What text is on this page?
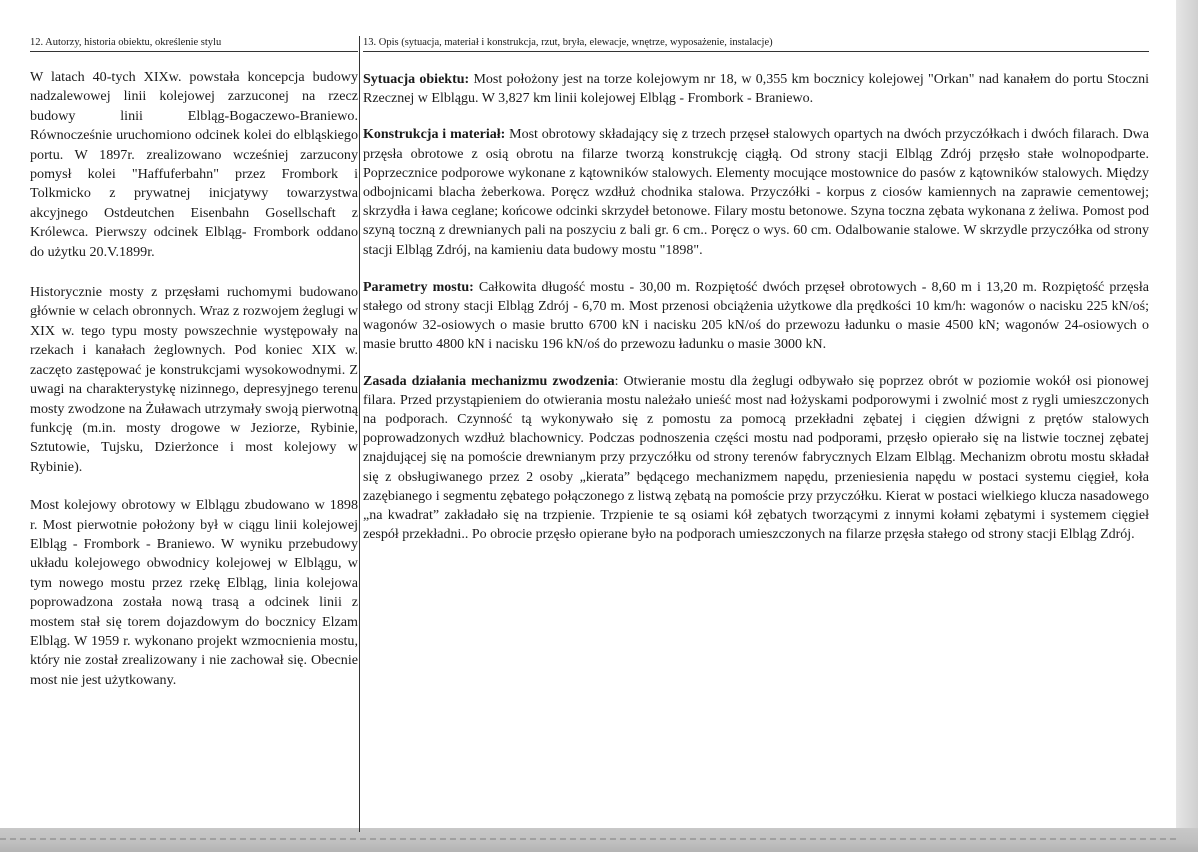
12. Autorzy, historia obiektu, określenie stylu

W latach 40-tych XIXw. powstała koncepcja budowy nadzalewowej linii kolejowej zarzuconej na rzecz budowy linii Elbląg-Bogaczewo-Braniewo. Równocześnie uruchomiono odcinek kolei do elbląskiego portu. W 1897r. zrealizowano wcześniej zarzucony pomysł kolei "Haffuferbahn" przez Frombork i Tolkmicko z prywatnej inicjatywy towarzystwa akcyjnego Ostdeutchen Eisenbahn Gosellschaft z Królewca. Pierwszy odcinek Elbląg- Frombork oddano do użytku 20.V.1899r.

Historycznie mosty z przęsłami ruchomymi budowano głównie w celach obronnych. Wraz z rozwojem żeglugi w XIX w. tego typu mosty powszechnie występowały na rzekach i kanałach żeglownych. Pod koniec XIX w. zaczęto zastępować je konstrukcjami wysokowodnymi. Z uwagi na charakterystykę nizinnego, depresyjnego terenu mosty zwodzone na Żuławach utrzymały swoją pierwotną funkcję (m.in. mosty drogowe w Jeziorze, Rybinie, Sztutowie, Tujsku, Dzierżonce i most kolejowy w Rybinie).

Most kolejowy obrotowy w Elblągu zbudowano w 1898 r. Most pierwotnie położony był w ciągu linii kolejowej Elbląg - Frombork - Braniewo. W wyniku przebudowy układu kolejowego obwodnicy kolejowej w Elblągu, w tym nowego mostu przez rzekę Elbląg, linia kolejowa poprowadzona została nową trasą a odcinek linii z mostem stał się torem dojazdowym do bocznicy Elzam Elbląg. W 1959 r. wykonano projekt wzmocnienia mostu, który nie został zrealizowany i nie zachował się. Obecnie most nie jest użytkowany.

13. Opis (sytuacja, materiał i konstrukcja, rzut, bryła, elewacje, wnętrze, wyposażenie, instalacje)

Sytuacja obiektu: Most położony jest na torze kolejowym nr 18, w 0,355 km bocznicy kolejowej "Orkan" nad kanałem do portu Stoczni Rzecznej w Elblągu. W 3,827 km linii kolejowej Elbląg - Frombork - Braniewo.

Konstrukcja i materiał: Most obrotowy składający się z trzech przęseł stalowych opartych na dwóch przyczółkach i dwóch filarach. Dwa przęsła obrotowe z osią obrotu na filarze tworzą konstrukcję ciągłą. Od strony stacji Elbląg Zdrój przęsło stałe wolnopodparte. Poprzecznice podporowe wykonane z kątowników stalowych. Elementy mocujące mostownice do pasów z kątowników stalowych. Między odbojnicami blacha żeberkowa. Poręcz wzdłuż chodnika stalowa. Przyczółki - korpus z ciosów kamiennych na zaprawie cementowej; skrzydła i ława ceglane; końcowe odcinki skrzydeł betonowe. Filary mostu betonowe. Szyna toczna zębata wykonana z żeliwa. Pomost pod szyną toczną z drewnianych pali na poszyciu z bali gr. 6 cm.. Poręcz o wys. 60 cm. Odalbowanie stalowe. W skrzydle przyczółka od strony stacji Elbląg Zdrój, na kamieniu data budowy mostu "1898".

Parametry mostu: Całkowita długość mostu - 30,00 m. Rozpiętość dwóch przęseł obrotowych - 8,60 m i 13,20 m. Rozpiętość przęsła stałego od strony stacji Elbląg Zdrój - 6,70 m. Most przenosi obciążenia użytkowe dla prędkości 10 km/h: wagonów o nacisku 225 kN/oś; wagonów 32-osiowych o masie brutto 6700 kN i nacisku 205 kN/oś do przewozu ładunku o masie 4500 kN; wagonów 24-osiowych o masie brutto 4800 kN i nacisku 196 kN/oś do przewozu ładunku o masie 3000 kN.

Zasada działania mechanizmu zwodzenia: Otwieranie mostu dla żeglugi odbywało się poprzez obrót w poziomie wokół osi pionowej filara. Przed przystąpieniem do otwierania mostu należało unieść most nad łożyskami podporowymi i zwolnić most z rygli umieszczonych na podporach. Czynność tą wykonywało się z pomostu za pomocą przekładni zębatej i cięgien dźwigni z prętów stalowych poprowadzonych wzdłuż blachownicy. Podczas podnoszenia części mostu nad podporami, przęsło opierało się na listwie tocznej zębatej znajdującej się na pomoście drewnianym przy przyczółku od strony terenów fabrycznych Elzam Elbląg. Mechanizm obrotu mostu składał się z obsługiwanego przez 2 osoby „kierata” będącego mechanizmem napędu, przeniesienia napędu w postaci systemu cięgieł, koła zazębianego i segmentu zębatego połączonego z listwą zębatą na pomoście przy przyczółku. Kierat w postaci wielkiego klucza nasadowego „na kwadrat” zakładało się na trzpienie. Trzpienie te są osiami kół zębatych tworzącymi z innymi kołami zębatymi i systemem cięgieł zespół przekładni.. Po obrocie przęsło opierane było na podporach umieszczonych na filarze przęsła stałego od strony stacji Elbląg Zdrój.
